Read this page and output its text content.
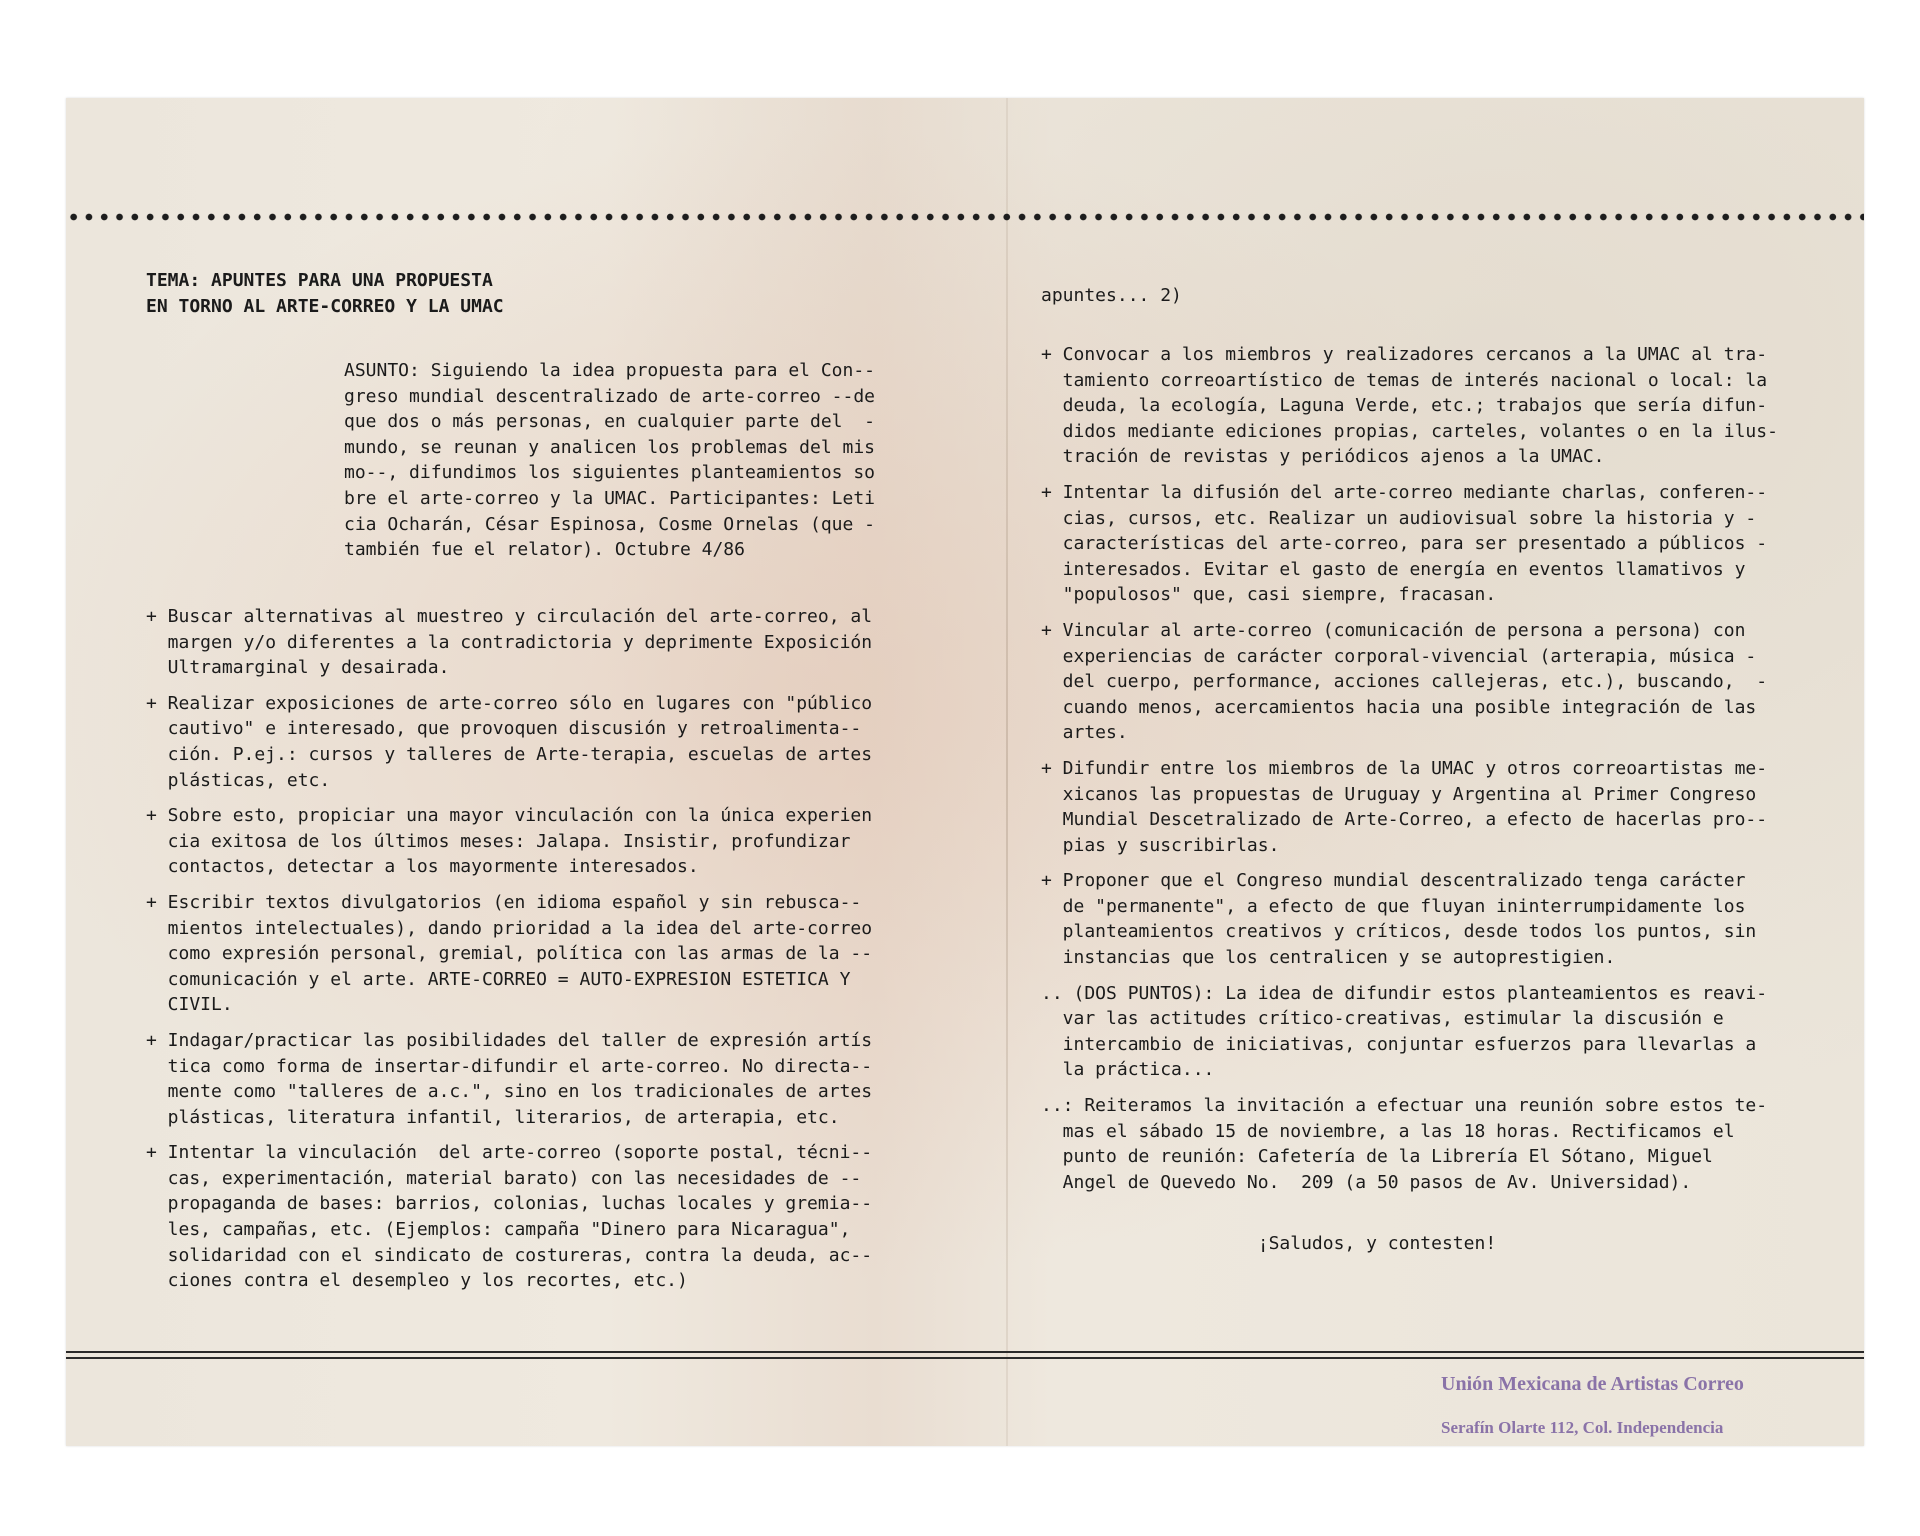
TEMA: APUNTES PARA UNA PROPUESTA
EN TORNO AL ARTE-CORREO Y LA UMAC
ASUNTO: Siguiendo la idea propuesta para el Con--
greso mundial descentralizado de arte-correo --de
que dos o más personas, en cualquier parte del  -
mundo, se reunan y analicen los problemas del mis
mo--, difundimos los siguientes planteamientos so
bre el arte-correo y la UMAC. Participantes: Leti
cia Ocharán, César Espinosa, Cosme Ornelas (que -
también fue el relator). Octubre 4/86
+ Buscar alternativas al muestreo y circulación del arte-correo, al
margen y/o diferentes a la contradictoria y deprimente Exposición
Ultramarginal y desairada.
+ Realizar exposiciones de arte-correo sólo en lugares con "público
cautivo" e interesado, que provoquen discusión y retroalimenta--
ción. P.ej.: cursos y talleres de Arte-terapia, escuelas de artes
plásticas, etc.
+ Sobre esto, propiciar una mayor vinculación con la única experien
cia exitosa de los últimos meses: Jalapa. Insistir, profundizar
contactos, detectar a los mayormente interesados.
+ Escribir textos divulgatorios (en idioma español y sin rebusca--
mientos intelectuales), dando prioridad a la idea del arte-correo
como expresión personal, gremial, política con las armas de la --
comunicación y el arte. ARTE-CORREO = AUTO-EXPRESION ESTETICA Y
CIVIL.
+ Indagar/practicar las posibilidades del taller de expresión artís
tica como forma de insertar-difundir el arte-correo. No directa--
mente como "talleres de a.c.", sino en los tradicionales de artes
plásticas, literatura infantil, literarios, de arterapia, etc.
+ Intentar la vinculación  del arte-correo (soporte postal, técni--
cas, experimentación, material barato) con las necesidades de --
propaganda de bases: barrios, colonias, luchas locales y gremia--
les, campañas, etc. (Ejemplos: campaña "Dinero para Nicaragua",
solidaridad con el sindicato de costureras, contra la deuda, ac--
ciones contra el desempleo y los recortes, etc.)
apuntes... 2)
+ Convocar a los miembros y realizadores cercanos a la UMAC al tra-
tamiento correoartístico de temas de interés nacional o local: la
deuda, la ecología, Laguna Verde, etc.; trabajos que sería difun-
didos mediante ediciones propias, carteles, volantes o en la ilus-
tración de revistas y periódicos ajenos a la UMAC.
+ Intentar la difusión del arte-correo mediante charlas, conferen--
cias, cursos, etc. Realizar un audiovisual sobre la historia y -
características del arte-correo, para ser presentado a públicos -
interesados. Evitar el gasto de energía en eventos llamativos y
"populosos" que, casi siempre, fracasan.
+ Vincular al arte-correo (comunicación de persona a persona) con
experiencias de carácter corporal-vivencial (arterapia, música -
del cuerpo, performance, acciones callejeras, etc.), buscando,  -
cuando menos, acercamientos hacia una posible integración de las
artes.
+ Difundir entre los miembros de la UMAC y otros correoartistas me-
xicanos las propuestas de Uruguay y Argentina al Primer Congreso
Mundial Descetralizado de Arte-Correo, a efecto de hacerlas pro--
pias y suscribirlas.
+ Proponer que el Congreso mundial descentralizado tenga carácter
de "permanente", a efecto de que fluyan ininterrumpidamente los
planteamientos creativos y críticos, desde todos los puntos, sin
instancias que los centralicen y se autoprestigien.
.. (DOS PUNTOS): La idea de difundir estos planteamientos es reavi-
var las actitudes crítico-creativas, estimular la discusión e
intercambio de iniciativas, conjuntar esfuerzos para llevarlas a
la práctica...
..: Reiteramos la invitación a efectuar una reunión sobre estos te-
mas el sábado 15 de noviembre, a las 18 horas. Rectificamos el
punto de reunión: Cafetería de la Librería El Sótano, Miguel
Angel de Quevedo No.  209 (a 50 pasos de Av. Universidad).

¡Saludos, y contesten!
Unión Mexicana de Artistas Correo
Serafín Olarte 112, Col. Independencia
